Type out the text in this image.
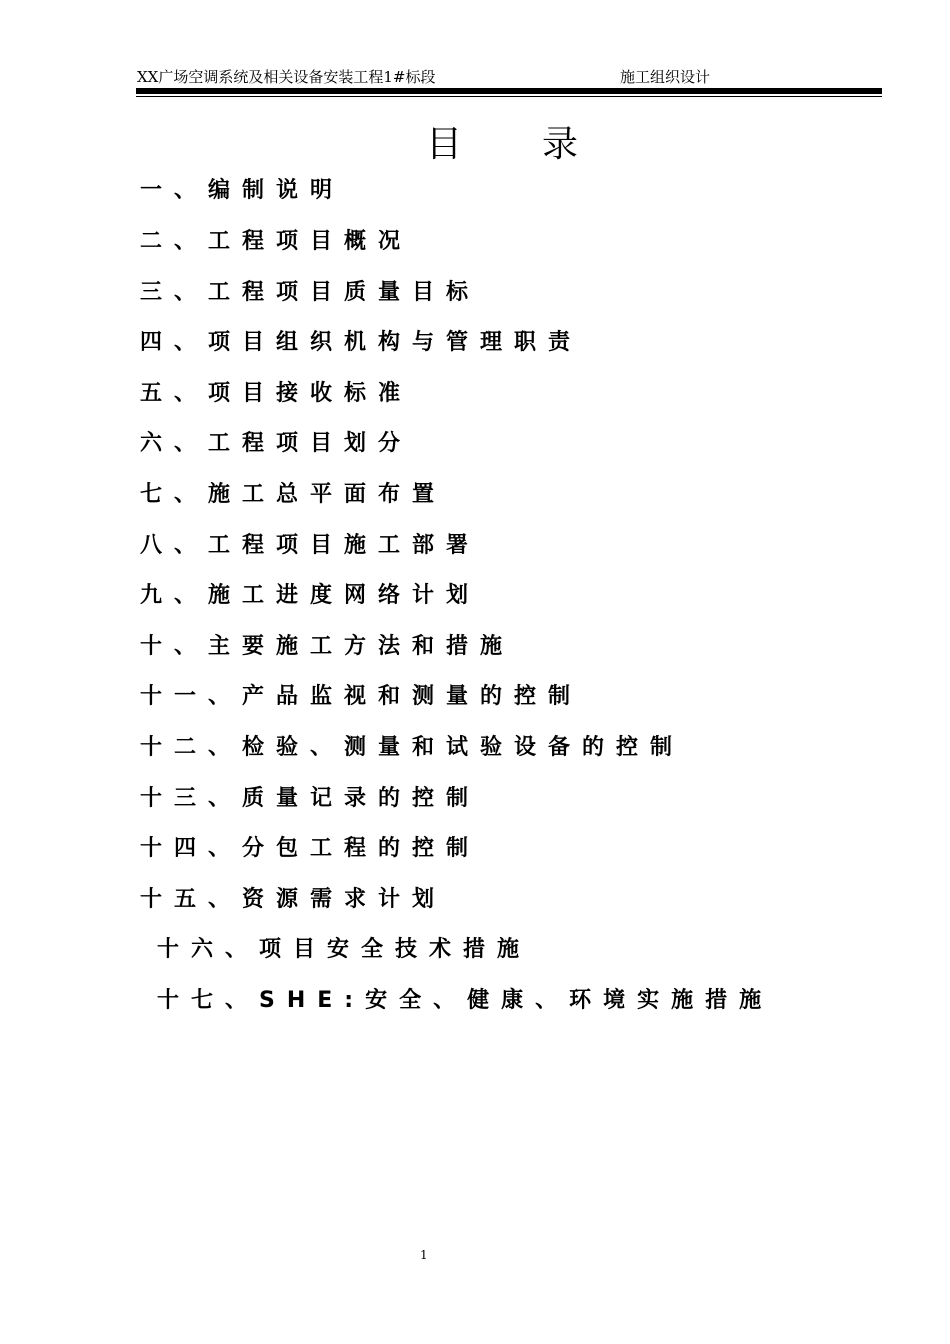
XX广场空调系统及相关设备安装工程1#标段	施工组织设计
目录
一、编制说明
二、工程项目概况
三、工程项目质量目标
四、项目组织机构与管理职责
五、项目接收标准
六、工程项目划分
七、施工总平面布置
八、工程项目施工部署
九、施工进度网络计划
十、主要施工方法和措施
十一、产品监视和测量的控制
十二、检验、测量和试验设备的控制
十三、质量记录的控制
十四、分包工程的控制
十五、资源需求计划
十六、项目安全技术措施
十七、SHE:安全、健康、环境实施措施
1
